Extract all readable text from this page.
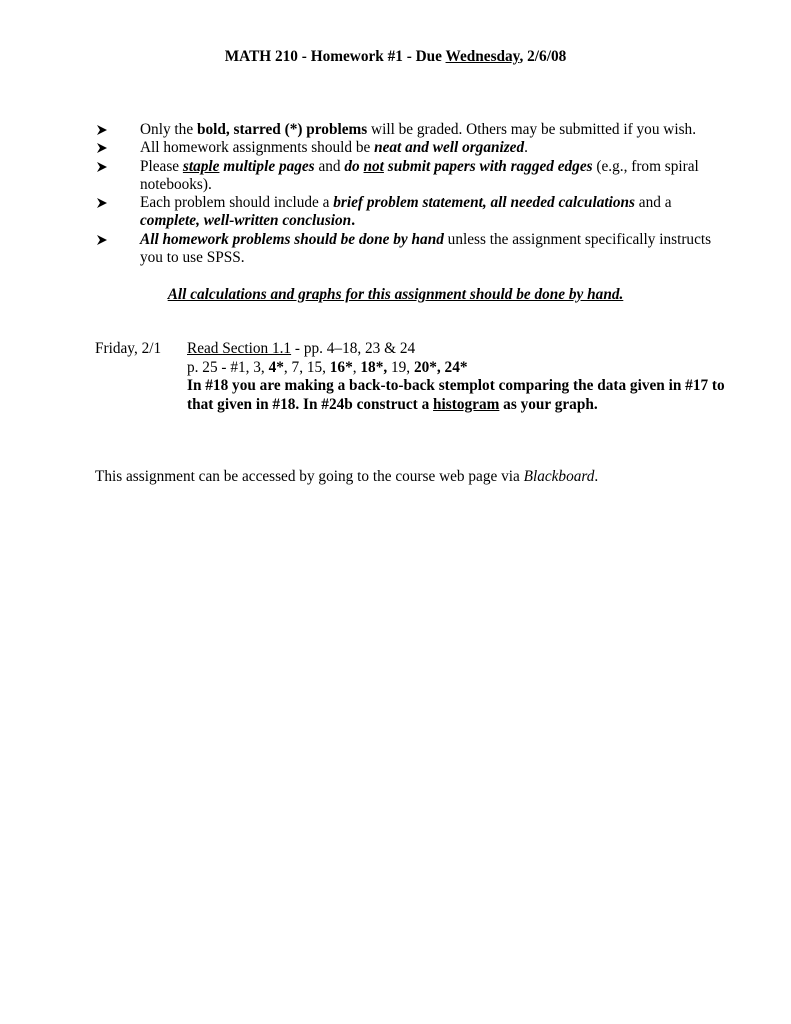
MATH 210 - Homework #1 - Due Wednesday, 2/6/08
Only the bold, starred (*) problems will be graded. Others may be submitted if you wish.
All homework assignments should be neat and well organized.
Please staple multiple pages and do not submit papers with ragged edges (e.g., from spiral notebooks).
Each problem should include a brief problem statement, all needed calculations and a complete, well-written conclusion.
All homework problems should be done by hand unless the assignment specifically instructs you to use SPSS.
All calculations and graphs for this assignment should be done by hand.
Friday, 2/1 Read Section 1.1 - pp. 4–18, 23 & 24
p. 25 - #1, 3, 4*, 7, 15, 16*, 18*, 19, 20*, 24*
In #18 you are making a back-to-back stemplot comparing the data given in #17 to that given in #18. In #24b construct a histogram as your graph.
This assignment can be accessed by going to the course web page via Blackboard.
